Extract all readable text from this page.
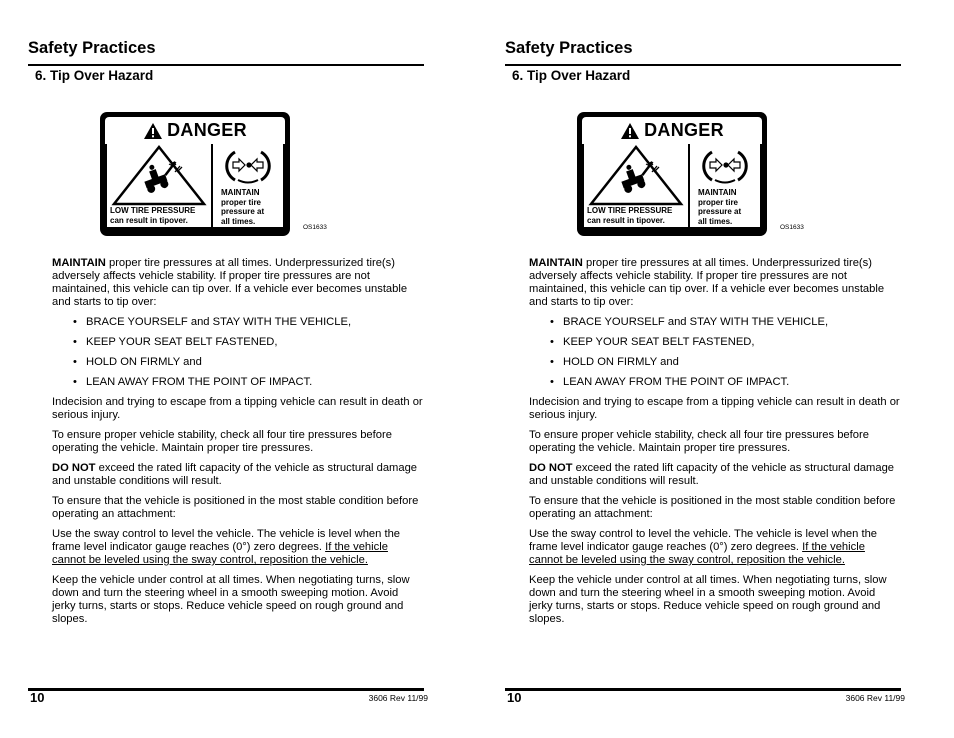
Safety Practices
6. Tip Over Hazard
DANGER
LOW TIRE PRESSURE
can result in tipover.
MAINTAIN
proper tire
pressure at
all times.
OS1633

MAINTAIN proper tire pressures at all times. Underpressurized tire(s) adversely affects vehicle stability. If proper tire pressures are not maintained, this vehicle can tip over. If a vehicle ever becomes unstable and starts to tip over:

• BRACE YOURSELF and STAY WITH THE VEHICLE,
• KEEP YOUR SEAT BELT FASTENED,
• HOLD ON FIRMLY and
• LEAN AWAY FROM THE POINT OF IMPACT.

Indecision and trying to escape from a tipping vehicle can result in death or serious injury.

To ensure proper vehicle stability, check all four tire pressures before operating the vehicle. Maintain proper tire pressures.

DO NOT exceed the rated lift capacity of the vehicle as structural damage and unstable conditions will result.

To ensure that the vehicle is positioned in the most stable condition before operating an attachment:

Use the sway control to level the vehicle. The vehicle is level when the frame level indicator gauge reaches (0°) zero degrees. If the vehicle cannot be leveled using the sway control, reposition the vehicle.

Keep the vehicle under control at all times. When negotiating turns, slow down and turn the steering wheel in a smooth sweeping motion. Avoid jerky turns, starts or stops. Reduce vehicle speed on rough ground and slopes.

10	3606 Rev 11/99
Safety Practices
6. Tip Over Hazard
DANGER
LOW TIRE PRESSURE
can result in tipover.
MAINTAIN
proper tire
pressure at
all times.
OS1633

MAINTAIN proper tire pressures at all times. Underpressurized tire(s) adversely affects vehicle stability. If proper tire pressures are not maintained, this vehicle can tip over. If a vehicle ever becomes unstable and starts to tip over:

• BRACE YOURSELF and STAY WITH THE VEHICLE,
• KEEP YOUR SEAT BELT FASTENED,
• HOLD ON FIRMLY and
• LEAN AWAY FROM THE POINT OF IMPACT.

Indecision and trying to escape from a tipping vehicle can result in death or serious injury.

To ensure proper vehicle stability, check all four tire pressures before operating the vehicle. Maintain proper tire pressures.

DO NOT exceed the rated lift capacity of the vehicle as structural damage and unstable conditions will result.

To ensure that the vehicle is positioned in the most stable condition before operating an attachment:

Use the sway control to level the vehicle. The vehicle is level when the frame level indicator gauge reaches (0°) zero degrees. If the vehicle cannot be leveled using the sway control, reposition the vehicle.

Keep the vehicle under control at all times. When negotiating turns, slow down and turn the steering wheel in a smooth sweeping motion. Avoid jerky turns, starts or stops. Reduce vehicle speed on rough ground and slopes.

10	3606 Rev 11/99
